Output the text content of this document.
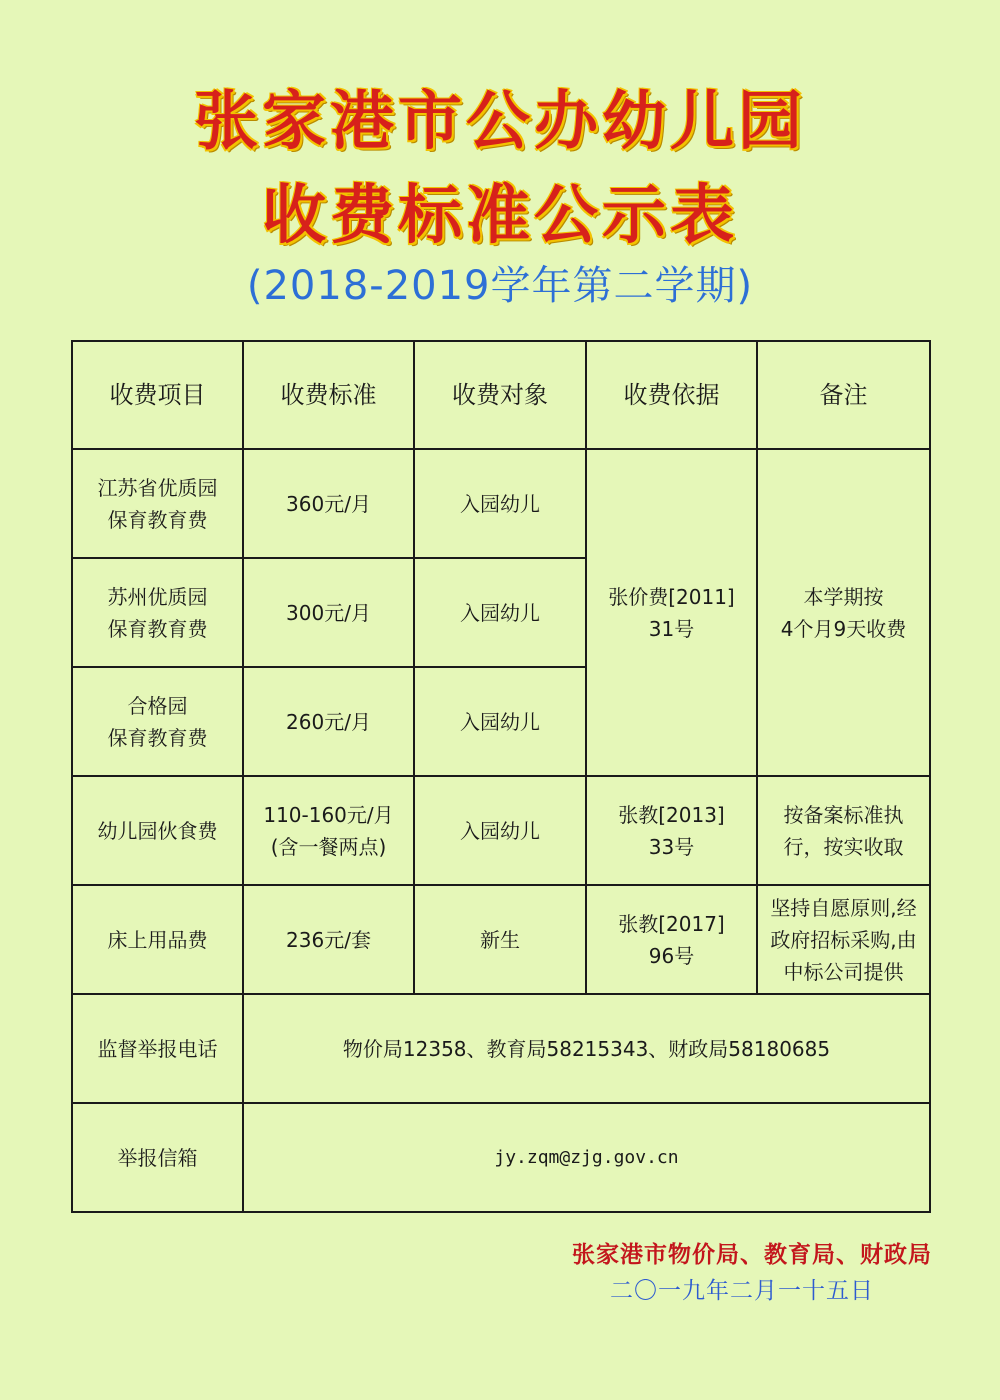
张家港市公办幼儿园
收费标准公示表
(2018-2019学年第二学期)
收费项目	收费标准	收费对象	收费依据	备注

江苏省优质园
保育教育费	360元/月	入园幼儿	张价费[2011]
31号	本学期按
4个月9天收费

苏州优质园
保育教育费	300元/月	入园幼儿		

合格园
保育教育费	260元/月	入园幼儿		

幼儿园伙食费	110-160元/月
(含一餐两点)	入园幼儿	张教[2013]
33号	按备案标准执
行，按实收取

床上用品费	236元/套	新生	张教[2017]
96号	坚持自愿原则,经
政府招标采购,由
中标公司提供

监督举报电话	物价局12358、教育局58215343、财政局58180685			
举报信箱	jy.zqm@zjg.gov.cn			
张家港市物价局、教育局、财政局
二〇一九年二月一十五日
